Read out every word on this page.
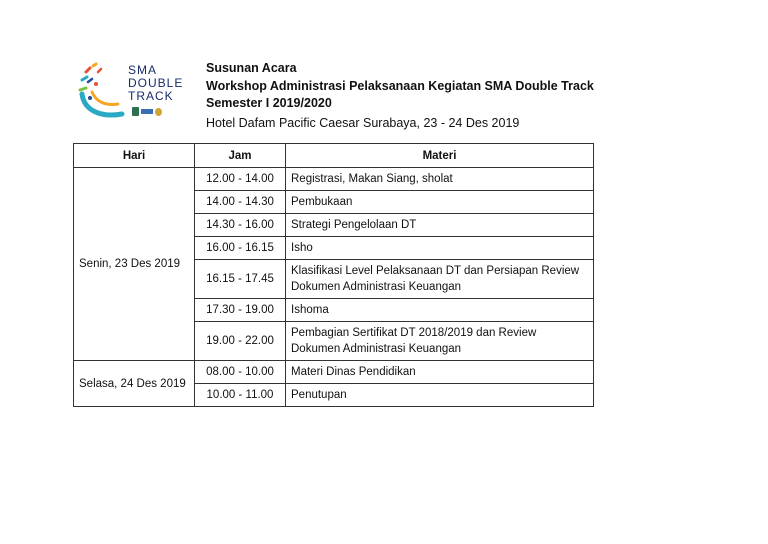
SMA
DOUBLE
TRACK
Susunan Acara
Workshop Administrasi Pelaksanaan Kegiatan SMA Double Track
Semester I 2019/2020
Hotel Dafam Pacific Caesar Surabaya, 23 - 24 Des 2019
Hari	Jam	Materi
Senin, 23 Des 2019	12.00 - 14.00	Registrasi, Makan Siang, sholat
	14.00 - 14.30	Pembukaan
	14.30 - 16.00	Strategi Pengelolaan DT
	16.00 - 16.15	Isho
	16.15 - 17.45	Klasifikasi Level Pelaksanaan DT dan Persiapan Review Dokumen Administrasi Keuangan
	17.30 - 19.00	Ishoma
	19.00 - 22.00	Pembagian Sertifikat DT 2018/2019 dan Review Dokumen Administrasi Keuangan
Selasa, 24 Des 2019	08.00 - 10.00	Materi Dinas Pendidikan
	10.00 - 11.00	Penutupan
